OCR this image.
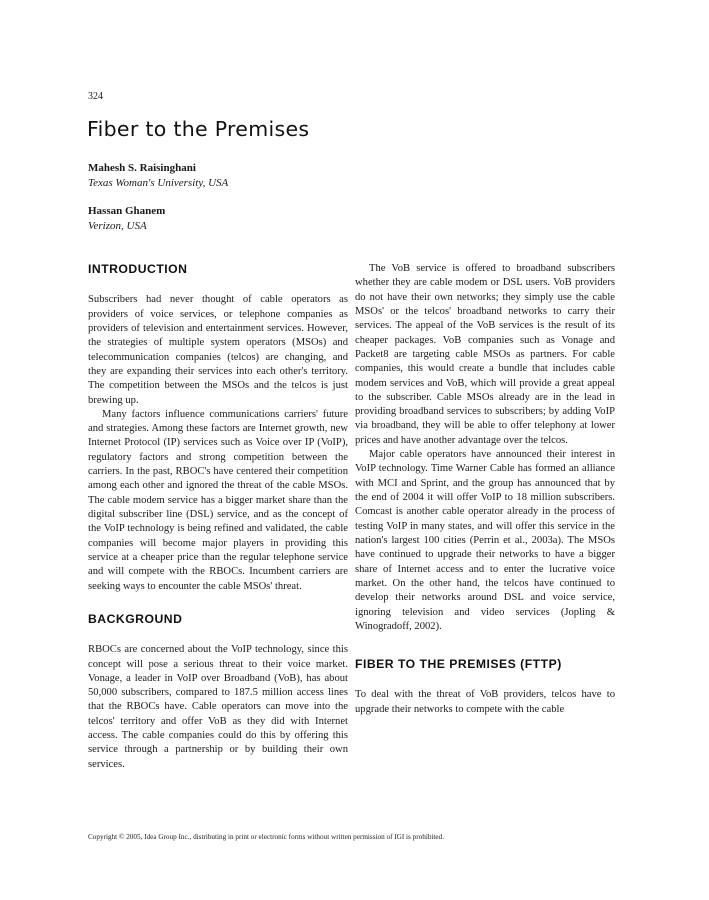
324
Fiber to the Premises
Mahesh S. Raisinghani
Texas Woman's University, USA
Hassan Ghanem
Verizon, USA
INTRODUCTION

Subscribers had never thought of cable operators as providers of voice services, or telephone companies as providers of television and entertainment services. However, the strategies of multiple system operators (MSOs) and telecommunication companies (telcos) are changing, and they are expanding their services into each other's territory. The competition between the MSOs and the telcos is just brewing up.

Many factors influence communications carriers' future and strategies. Among these factors are Internet growth, new Internet Protocol (IP) services such as Voice over IP (VoIP), regulatory factors and strong competition between the carriers. In the past, RBOC's have centered their competition among each other and ignored the threat of the cable MSOs. The cable modem service has a bigger market share than the digital subscriber line (DSL) service, and as the concept of the VoIP technology is being refined and validated, the cable companies will become major players in providing this service at a cheaper price than the regular telephone service and will compete with the RBOCs. Incumbent carriers are seeking ways to encounter the cable MSOs' threat.

BACKGROUND

RBOCs are concerned about the VoIP technology, since this concept will pose a serious threat to their voice market. Vonage, a leader in VoIP over Broadband (VoB), has about 50,000 subscribers, compared to 187.5 million access lines that the RBOCs have. Cable operators can move into the telcos' territory and offer VoB as they did with Internet access. The cable companies could do this by offering this service through a partnership or by building their own services.

The VoB service is offered to broadband subscribers whether they are cable modem or DSL users. VoB providers do not have their own networks; they simply use the cable MSOs' or the telcos' broadband networks to carry their services. The appeal of the VoB services is the result of its cheaper packages. VoB companies such as Vonage and Packet8 are targeting cable MSOs as partners. For cable companies, this would create a bundle that includes cable modem services and VoB, which will provide a great appeal to the subscriber. Cable MSOs already are in the lead in providing broadband services to subscribers; by adding VoIP via broadband, they will be able to offer telephony at lower prices and have another advantage over the telcos.

Major cable operators have announced their interest in VoIP technology. Time Warner Cable has formed an alliance with MCI and Sprint, and the group has announced that by the end of 2004 it will offer VoIP to 18 million subscribers. Comcast is another cable operator already in the process of testing VoIP in many states, and will offer this service in the nation's largest 100 cities (Perrin et al., 2003a). The MSOs have continued to upgrade their networks to have a bigger share of Internet access and to enter the lucrative voice market. On the other hand, the telcos have continued to develop their networks around DSL and voice service, ignoring television and video services (Jopling & Winogradoff, 2002).

FIBER TO THE PREMISES (FTTP)

To deal with the threat of VoB providers, telcos have to upgrade their networks to compete with the cable

Copyright © 2005, Idea Group Inc., distributing in print or electronic forms without written permission of IGI is prohibited.
